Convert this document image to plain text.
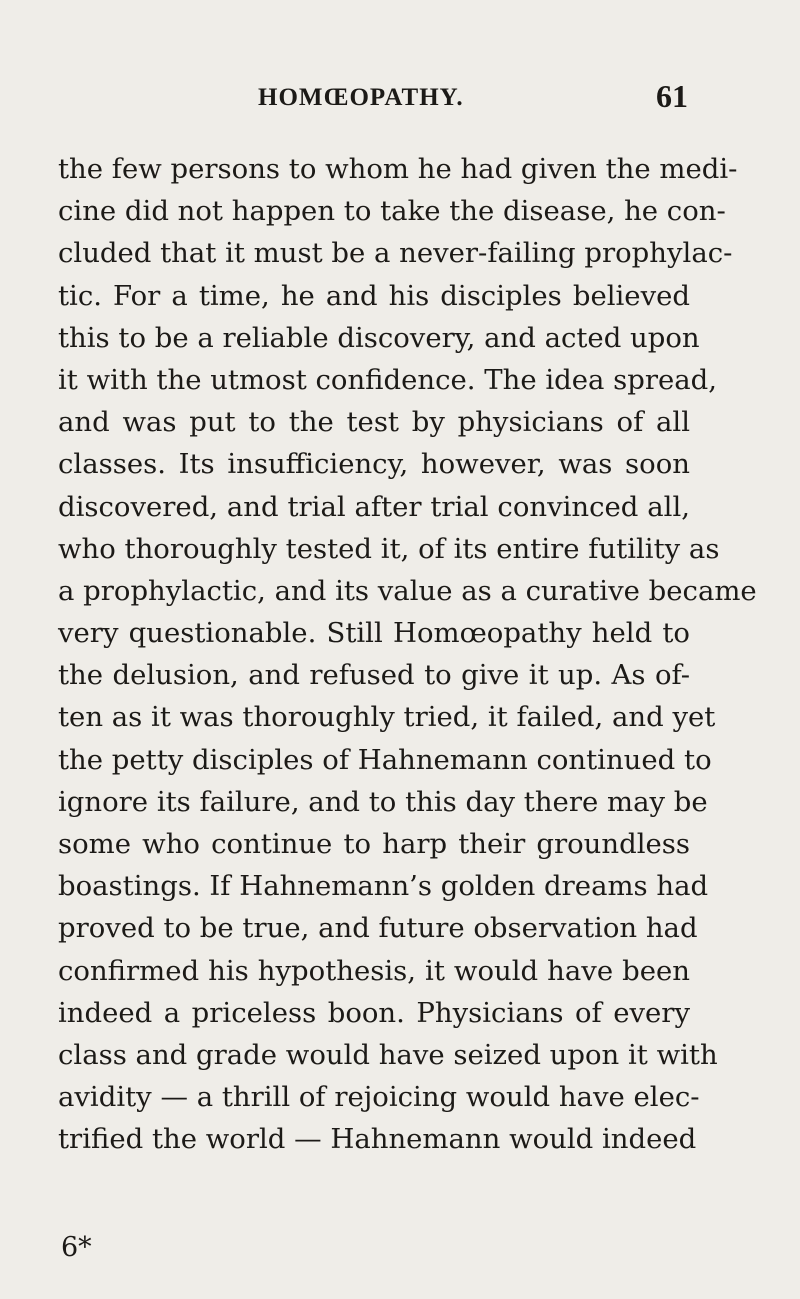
HOMŒOPATHY.	61
the few persons to whom he had given the medi-
cine did not happen to take the disease, he con-
cluded that it must be a never-failing prophylac-
tic. For a time, he and his disciples believed
this to be a reliable discovery, and acted upon
it with the utmost confidence. The idea spread,
and was put to the test by physicians of all
classes. Its insufficiency, however, was soon
discovered, and trial after trial convinced all,
who thoroughly tested it, of its entire futility as
a prophylactic, and its value as a curative became
very questionable. Still Homœopathy held to
the delusion, and refused to give it up. As of-
ten as it was thoroughly tried, it failed, and yet
the petty disciples of Hahnemann continued to
ignore its failure, and to this day there may be
some who continue to harp their groundless
boastings. If Hahnemann’s golden dreams had
proved to be true, and future observation had
confirmed his hypothesis, it would have been
indeed a priceless boon. Physicians of every
class and grade would have seized upon it with
avidity — a thrill of rejoicing would have elec-
trified the world — Hahnemann would indeed
6*
